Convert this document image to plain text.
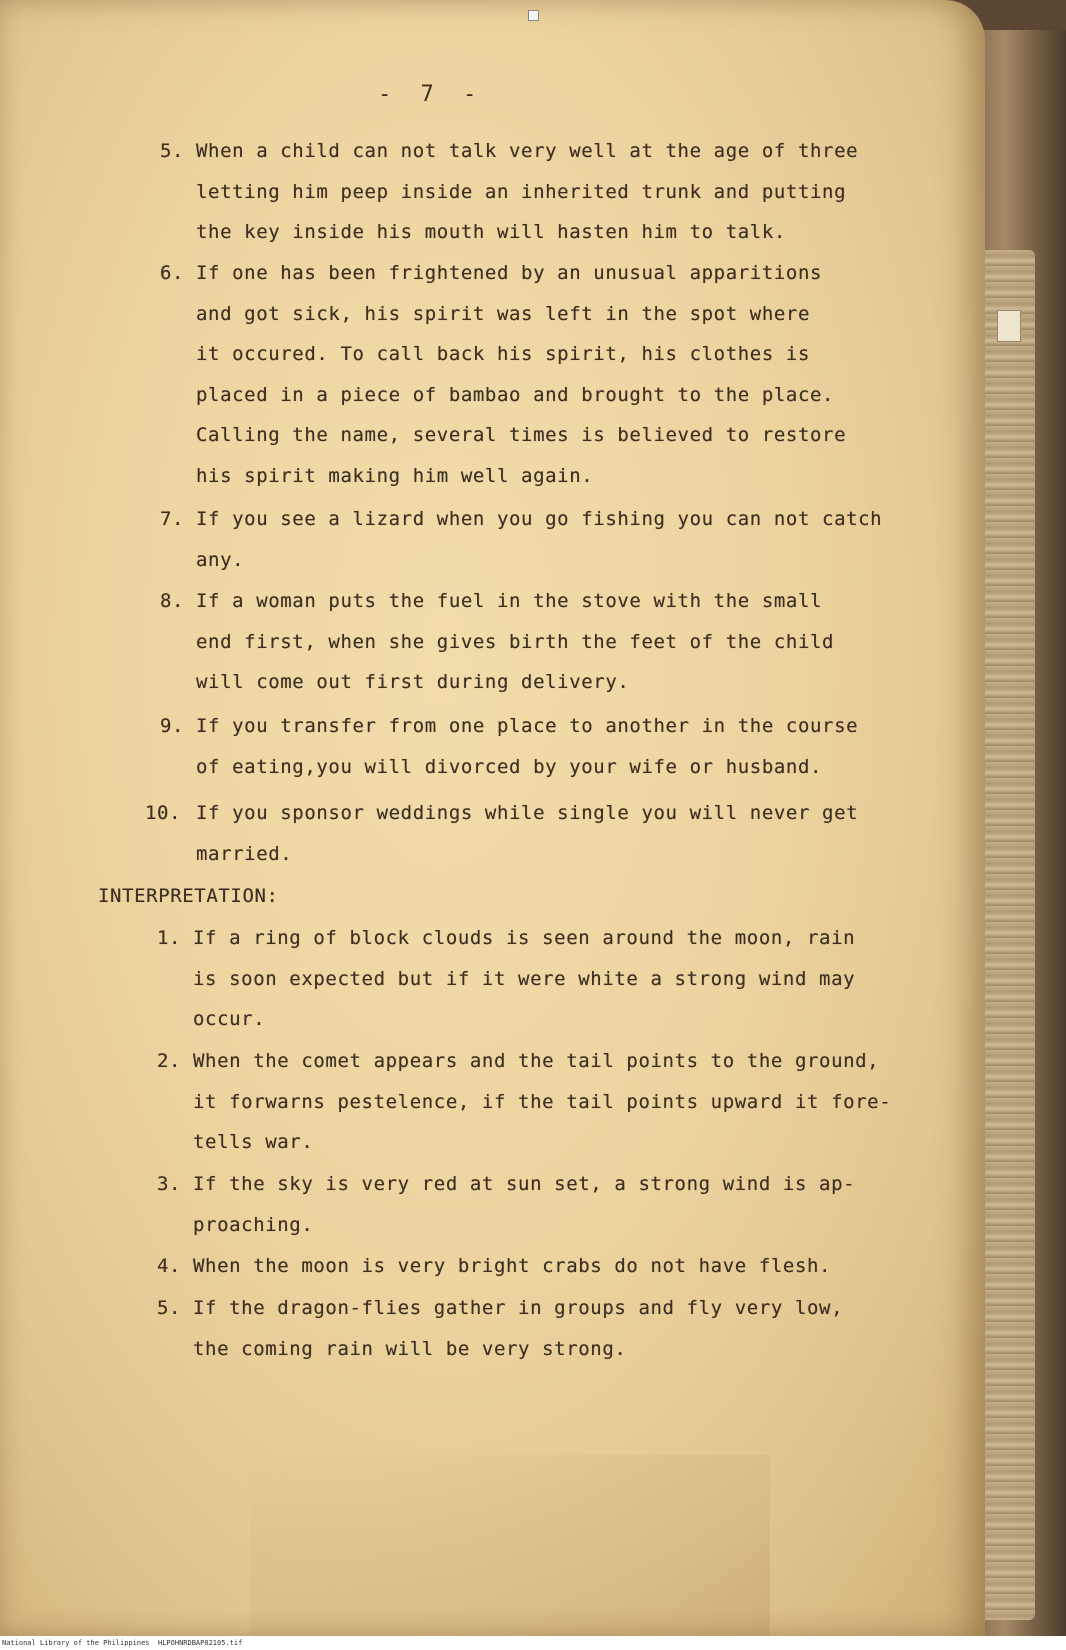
- 7 -
5. When a child can not talk very well at the age of three
letting him peep inside an inherited trunk and putting
the key inside his mouth will hasten him to talk.
6. If one has been frightened by an unusual apparitions
and got sick, his spirit was left in the spot where
it occured. To call back his spirit, his clothes is
placed in a piece of bambao and brought to the place.
Calling the name, several times is believed to restore
his spirit making him well again.
7. If you see a lizard when you go fishing you can not catch
any.
8. If a woman puts the fuel in the stove with the small
end first, when she gives birth the feet of the child
will come out first during delivery.
9. If you transfer from one place to another in the course
of eating,you will divorced by your wife or husband.
10. If you sponsor weddings while single you will never get
married.
INTERPRETATION:
1. If a ring of block clouds is seen around the moon, rain
is soon expected but if it were white a strong wind may
occur.
2. When the comet appears and the tail points to the ground,
it forwarns pestelence, if the tail points upward it fore-
tells war.
3. If the sky is very red at sun set, a strong wind is ap-
proaching.
4. When the moon is very bright crabs do not have flesh.
5. If the dragon-flies gather in groups and fly very low,
the coming rain will be very strong.
National Library of the Philippines HLPOHNRDBAP02105.tif
